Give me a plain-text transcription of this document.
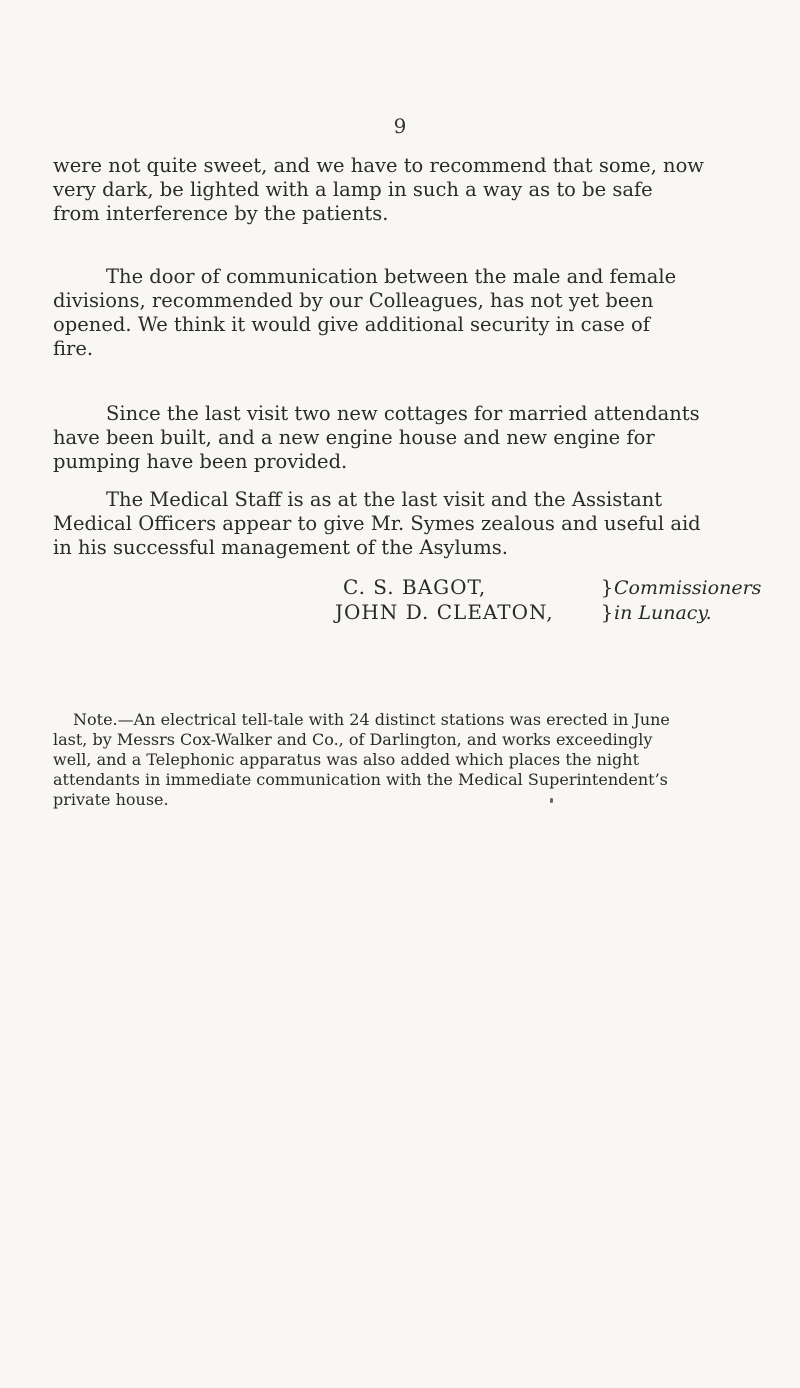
9
were not quite sweet, and we have to recommend that some, now
very dark, be lighted with a lamp in such a way as to be safe
from interference by the patients.
The door of communication between the male and female
divisions, recommended by our Colleagues, has not yet been
opened. We think it would give additional security in case of
fire.
Since the last visit two new cottages for married attendants
have been built, and a new engine house and new engine for
pumping have been provided.
The Medical Staff is as at the last visit and the Assistant
Medical Officers appear to give Mr. Symes zealous and useful aid
in his successful management of the Asylums.
C. S. BAGOT,	} Commissioners
JOHN D. CLEATON,	} in Lunacy.
Note.—An electrical tell-tale with 24 distinct stations was erected in June
last, by Messrs Cox-Walker and Co., of Darlington, and works exceedingly
well, and a Telephonic apparatus was also added which places the night
attendants in immediate communication with the Medical Superintendent’s
private house.
